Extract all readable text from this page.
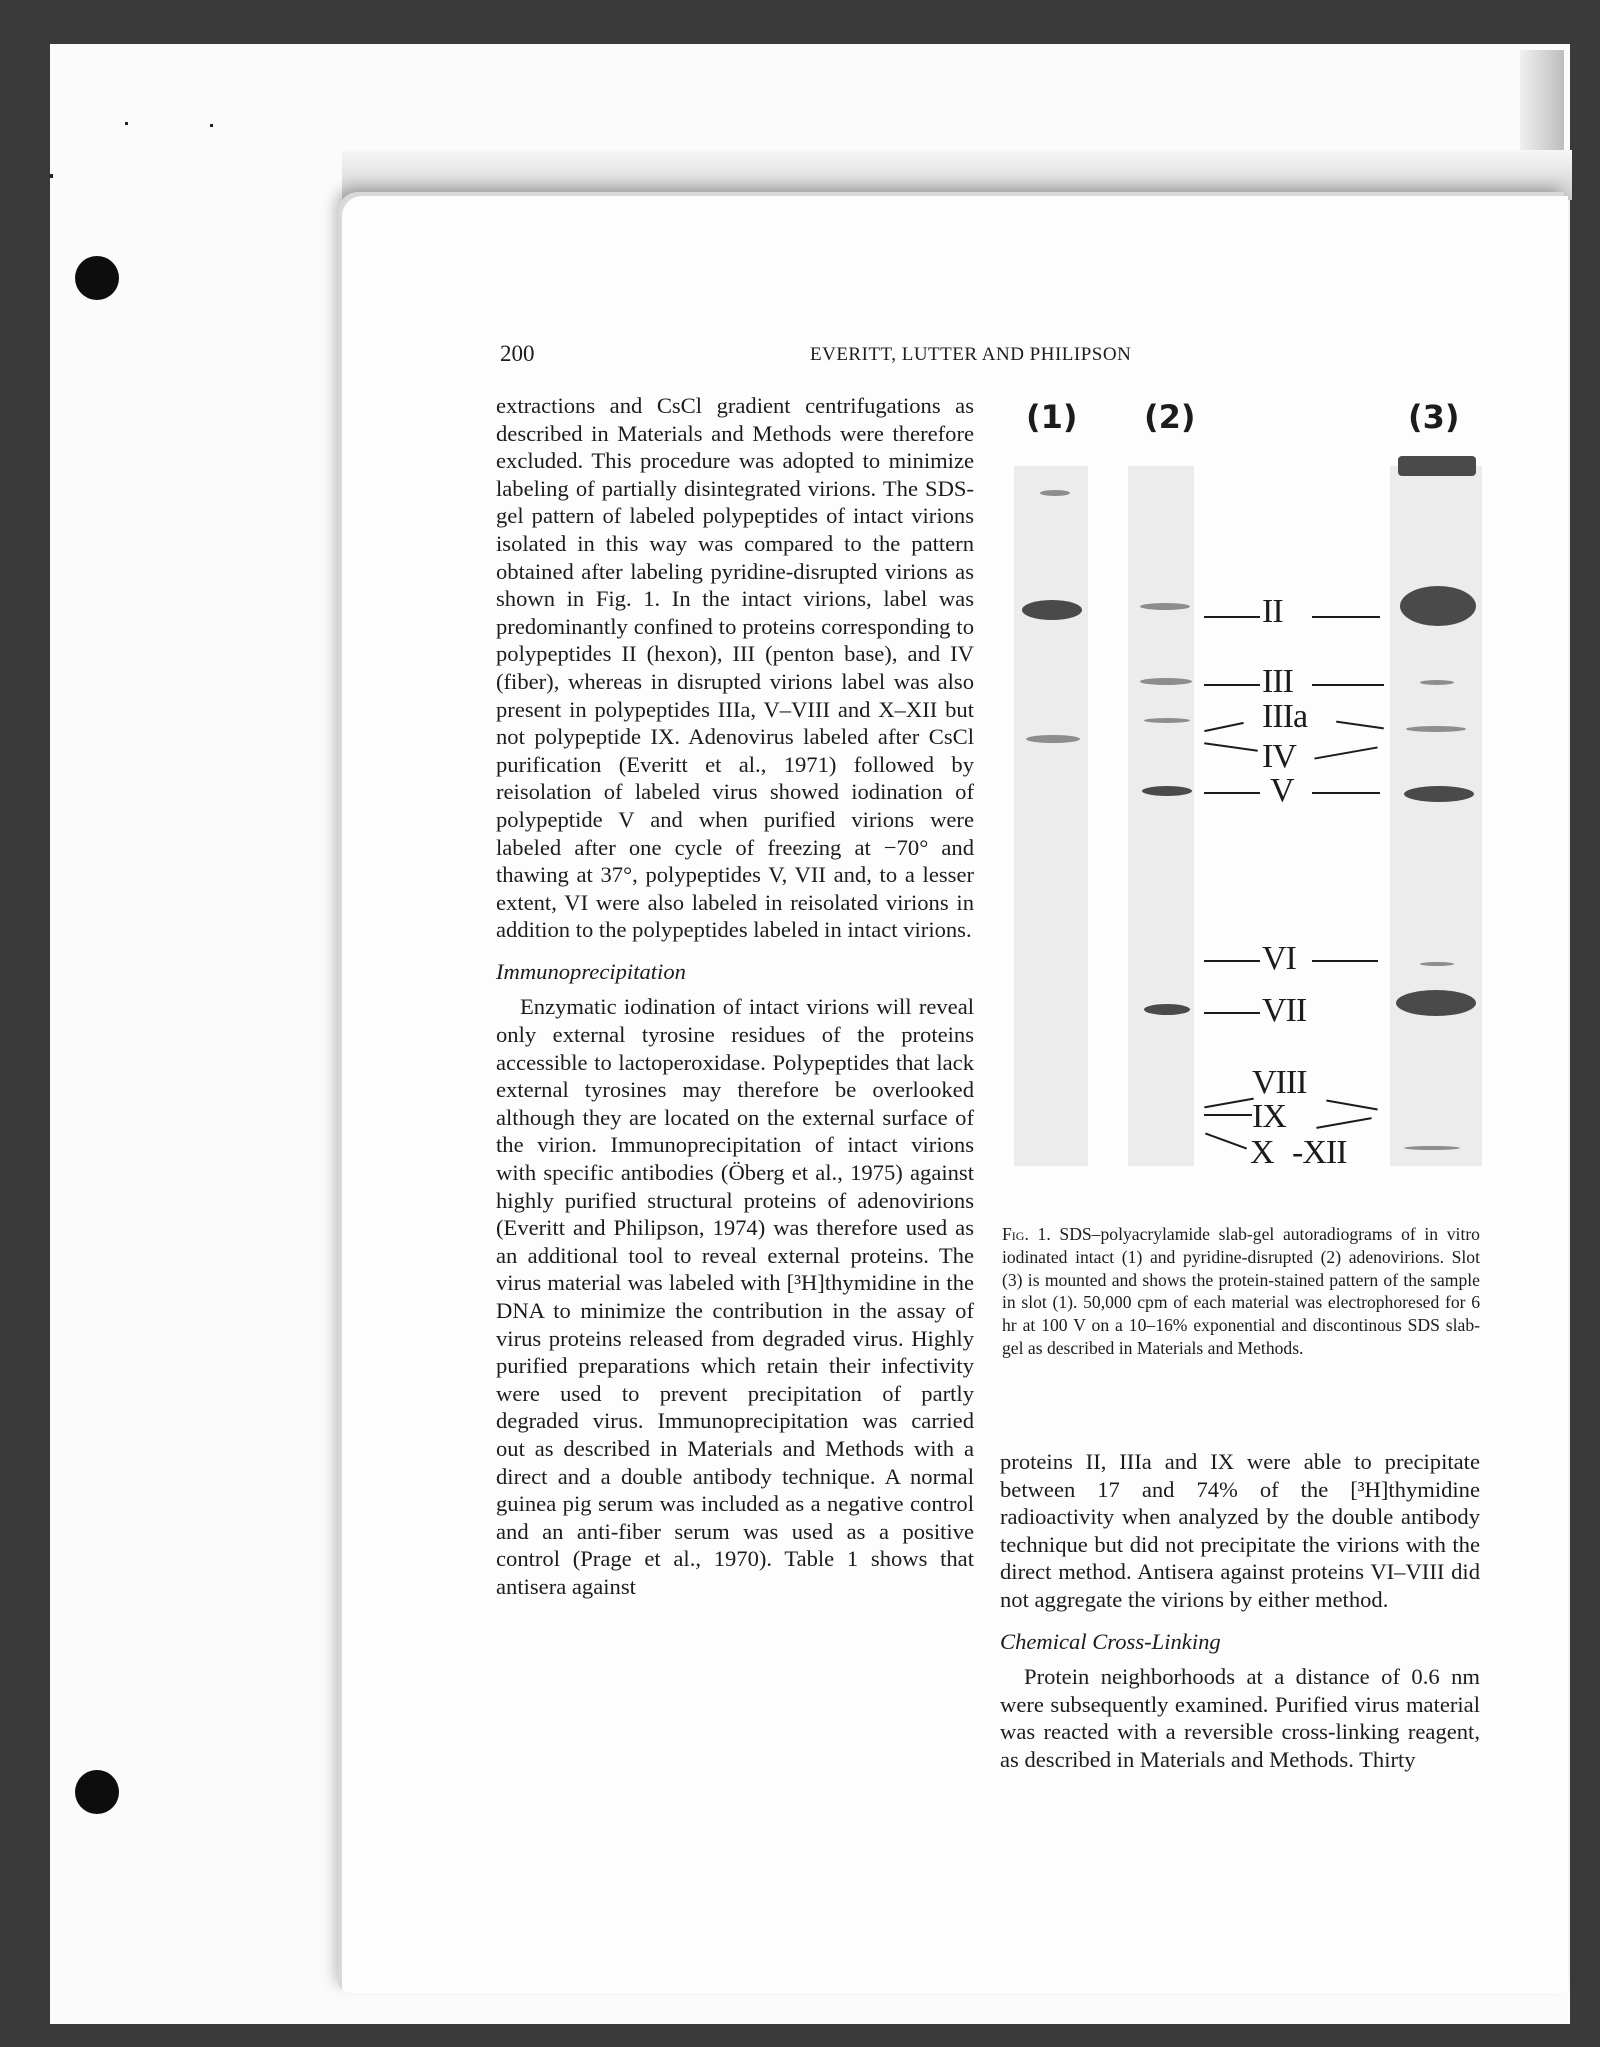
200	EVERITT, LUTTER AND PHILIPSON

extractions and CsCl gradient centrifugations as described in Materials and Methods were therefore excluded. This procedure was adopted to minimize labeling of partially disintegrated virions. The SDS-gel pattern of labeled polypeptides of intact virions isolated in this way was compared to the pattern obtained after labeling pyridine-disrupted virions as shown in Fig. 1. In the intact virions, label was predominantly confined to proteins corresponding to polypeptides II (hexon), III (penton base), and IV (fiber), whereas in disrupted virions label was also present in polypeptides IIIa, V–VIII and X–XII but not polypeptide IX. Adenovirus labeled after CsCl purification (Everitt et al., 1971) followed by reisolation of labeled virus showed iodination of polypeptide V and when purified virions were labeled after one cycle of freezing at −70° and thawing at 37°, polypeptides V, VII and, to a lesser extent, VI were also labeled in reisolated virions in addition to the polypeptides labeled in intact virions.

Immunoprecipitation

Enzymatic iodination of intact virions will reveal only external tyrosine residues of the proteins accessible to lactoperoxidase. Polypeptides that lack external tyrosines may therefore be overlooked although they are located on the external surface of the virion. Immunoprecipitation of intact virions with specific antibodies (Öberg et al., 1975) against highly purified structural proteins of adenovirions (Everitt and Philipson, 1974) was therefore used as an additional tool to reveal external proteins. The virus material was labeled with [³H]thymidine in the DNA to minimize the contribution in the assay of virus proteins released from degraded virus. Highly purified preparations which retain their infectivity were used to prevent precipitation of partly degraded virus. Immunoprecipitation was carried out as described in Materials and Methods with a direct and a double antibody technique. A normal guinea pig serum was included as a negative control and an anti-fiber serum was used as a positive control (Prage et al., 1970). Table 1 shows that antisera against

(1) (2)	(3)
II
III
IIIa
IV
V
VI
VII
VIII
IX
X -XII
Fig. 1. SDS–polyacrylamide slab-gel autoradiograms of in vitro iodinated intact (1) and pyridine-disrupted (2) adenovirions. Slot (3) is mounted and shows the protein-stained pattern of the sample in slot (1). 50,000 cpm of each material was electrophoresed for 6 hr at 100 V on a 10–16% exponential and discontinous SDS slab-gel as described in Materials and Methods.

proteins II, IIIa and IX were able to precipitate between 17 and 74% of the [³H]thymidine radioactivity when analyzed by the double antibody technique but did not precipitate the virions with the direct method. Antisera against proteins VI–VIII did not aggregate the virions by either method.

Chemical Cross-Linking

Protein neighborhoods at a distance of 0.6 nm were subsequently examined. Purified virus material was reacted with a reversible cross-linking reagent, as described in Materials and Methods. Thirty
